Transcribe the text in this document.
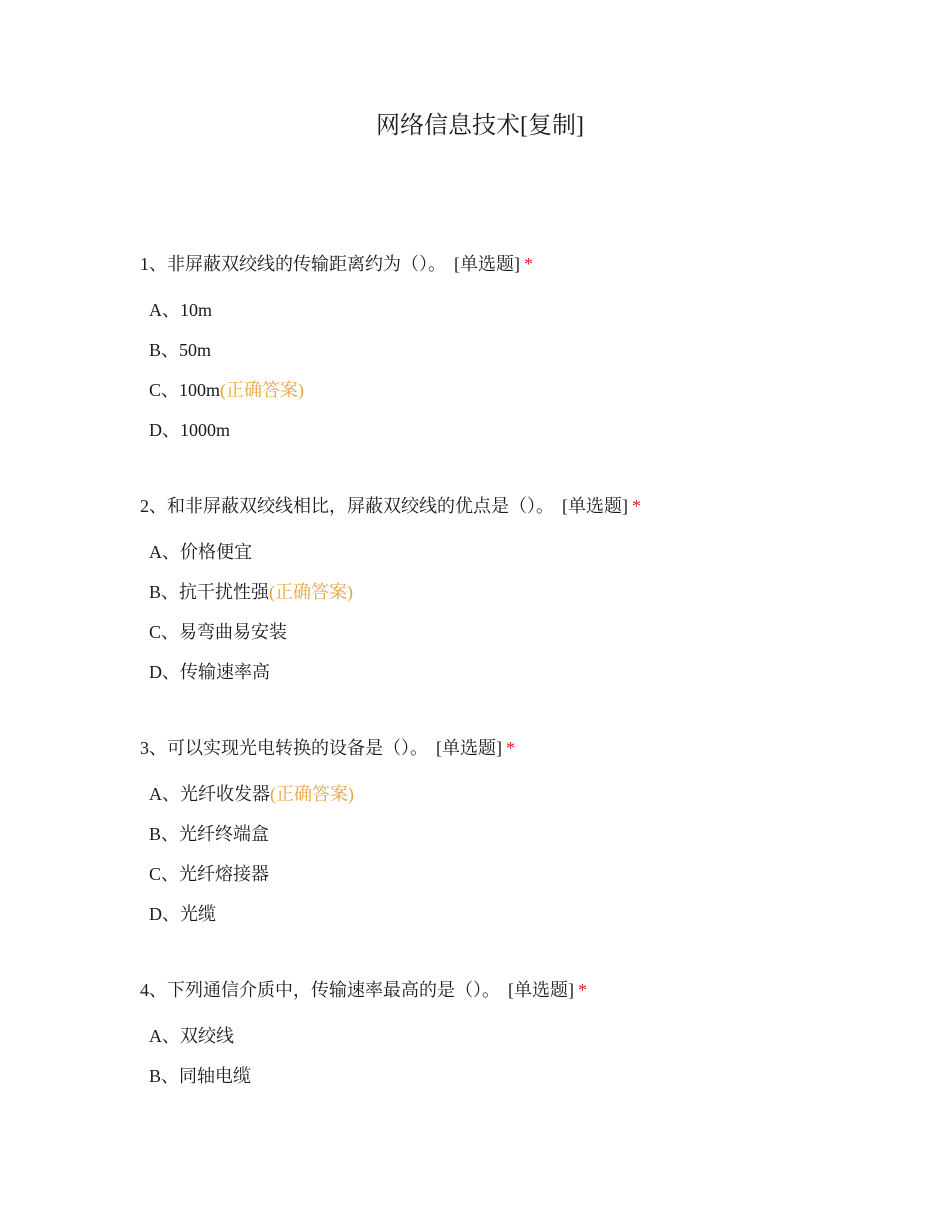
网络信息技术[复制]
1、非屏蔽双绞线的传输距离约为（）。 [单选题] *
A、10m
B、50m
C、100m(正确答案)
D、1000m
2、和非屏蔽双绞线相比，屏蔽双绞线的优点是（）。 [单选题] *
A、价格便宜
B、抗干扰性强(正确答案)
C、易弯曲易安装
D、传输速率高
3、可以实现光电转换的设备是（）。 [单选题] *
A、光纤收发器(正确答案)
B、光纤终端盒
C、光纤熔接器
D、光缆
4、下列通信介质中，传输速率最高的是（）。 [单选题] *
A、双绞线
B、同轴电缆
